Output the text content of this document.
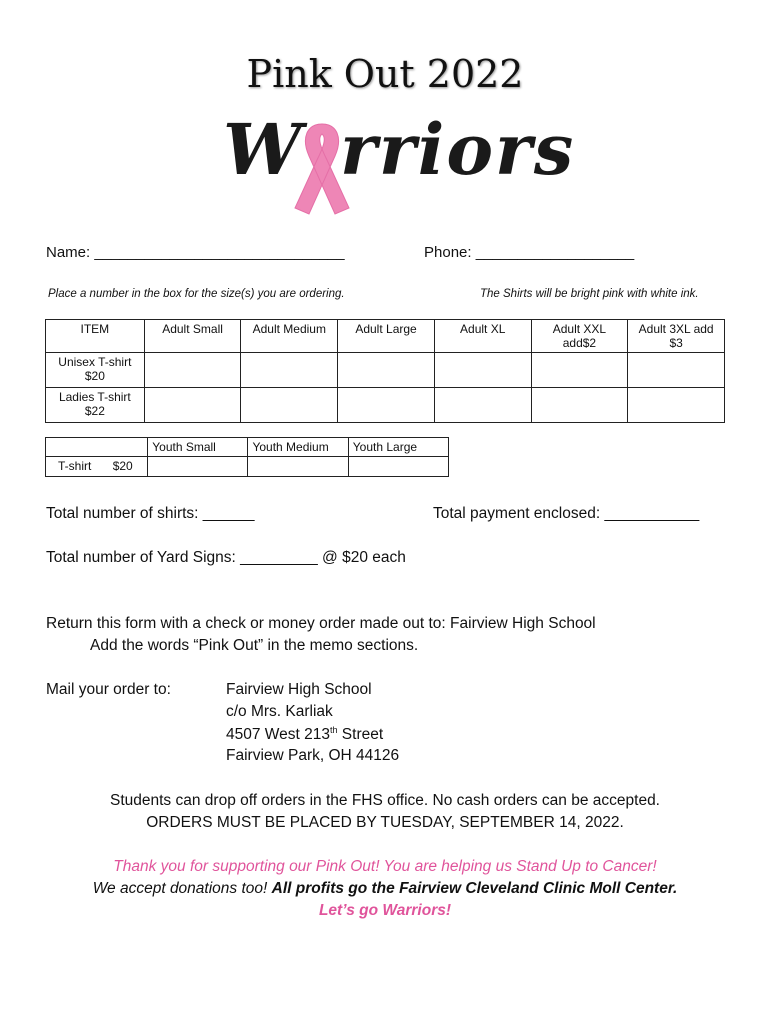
Pink Out 2022
W rriors
Name: ______________________________	Phone: ___________________
Place a number in the box for the size(s) you are ordering.	The Shirts will be bright pink with white ink.
ITEM	Adult Small	Adult Medium	Adult Large	Adult XL	Adult XXL add$2	Adult 3XL add $3
Unisex T-shirt $20						
Ladies T-shirt $22						
	Youth Small	Youth Medium	Youth Large
T-shirt $20			
Total number of shirts: ______	Total payment enclosed: ___________
Total number of Yard Signs: _________ @ $20 each
Return this form with a check or money order made out to: Fairview High School
Add the words “Pink Out” in the memo sections.
Mail your order to:	Fairview High School
c/o Mrs. Karliak
4507 West 213th Street
Fairview Park, OH 44126
Students can drop off orders in the FHS office. No cash orders can be accepted.
ORDERS MUST BE PLACED BY TUESDAY, SEPTEMBER 14, 2022.
Thank you for supporting our Pink Out! You are helping us Stand Up to Cancer!
We accept donations too! All profits go the Fairview Cleveland Clinic Moll Center.
Let’s go Warriors!
